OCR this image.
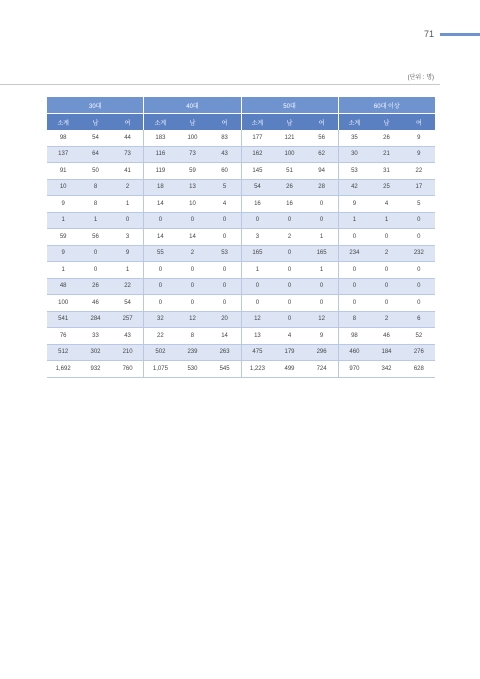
71
(단위 : 명)
30대			40대			50대			60대 이상		
소계	남	여	소계	남	여	소계	남	여	소계	남	여
98	54	44	183	100	83	177	121	56	35	26	9
137	64	73	116	73	43	162	100	62	30	21	9
91	50	41	119	59	60	145	51	94	53	31	22
10	8	2	18	13	5	54	26	28	42	25	17
9	8	1	14	10	4	16	16	0	9	4	5
1	1	0	0	0	0	0	0	0	1	1	0
59	56	3	14	14	0	3	2	1	0	0	0
9	0	9	55	2	53	165	0	165	234	2	232
1	0	1	0	0	0	1	0	1	0	0	0
48	26	22	0	0	0	0	0	0	0	0	0
100	46	54	0	0	0	0	0	0	0	0	0
541	284	257	32	12	20	12	0	12	8	2	6
76	33	43	22	8	14	13	4	9	98	46	52
512	302	210	502	239	263	475	179	296	460	184	276
1,692	932	760	1,075	530	545	1,223	499	724	970	342	628
